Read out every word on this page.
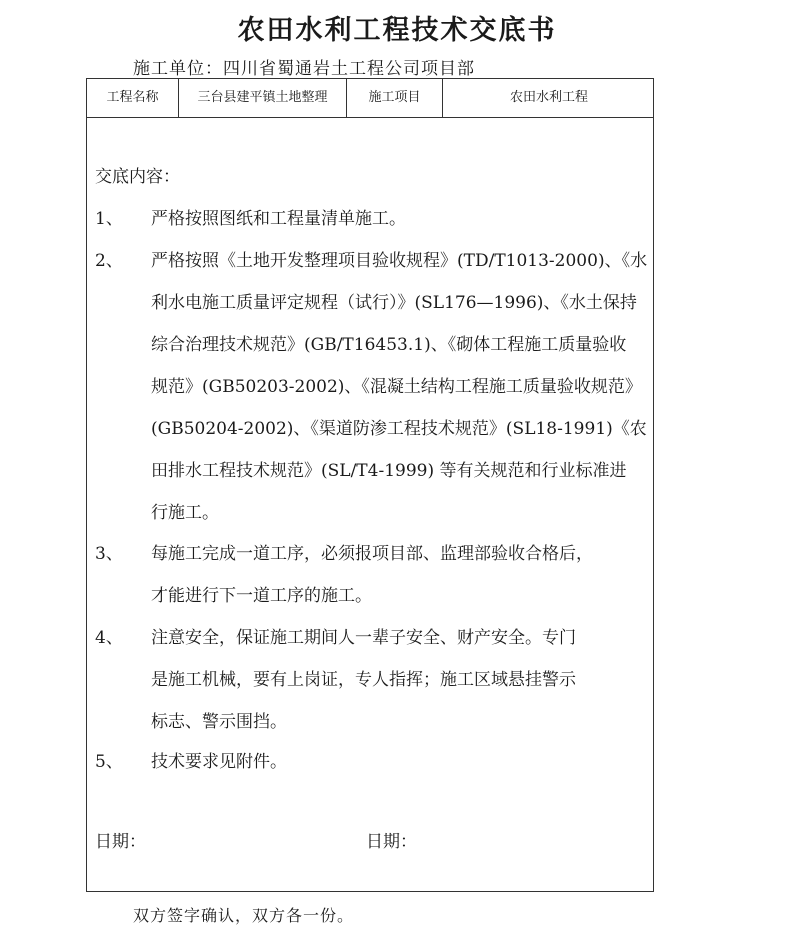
农田水利工程技术交底书
施工单位：四川省蜀通岩土工程公司项目部
工程名称	三台县建平镇土地整理	施工项目	农田水利工程
交底内容：
1、	严格按照图纸和工程量清单施工。
2、	严格按照《土地开发整理项目验收规程》(TD/T1013-2000)、《水
利水电施工质量评定规程（试行）》(SL176—1996)、《水土保持
综合治理技术规范》(GB/T16453.1)、《砌体工程施工质量验收
规范》(GB50203-2002)、《混凝土结构工程施工质量验收规范》
(GB50204-2002)、《渠道防渗工程技术规范》(SL18-1991)《农
田排水工程技术规范》(SL/T4-1999) 等有关规范和行业标准进
行施工。
3、	每施工完成一道工序，必须报项目部、监理部验收合格后，
才能进行下一道工序的施工。
4、	注意安全，保证施工期间人一辈子安全、财产安全。专门
是施工机械，要有上岗证，专人指挥；施工区域悬挂警示
标志、警示围挡。
5、	技术要求见附件。
日期：	日期：
双方签字确认，双方各一份。
